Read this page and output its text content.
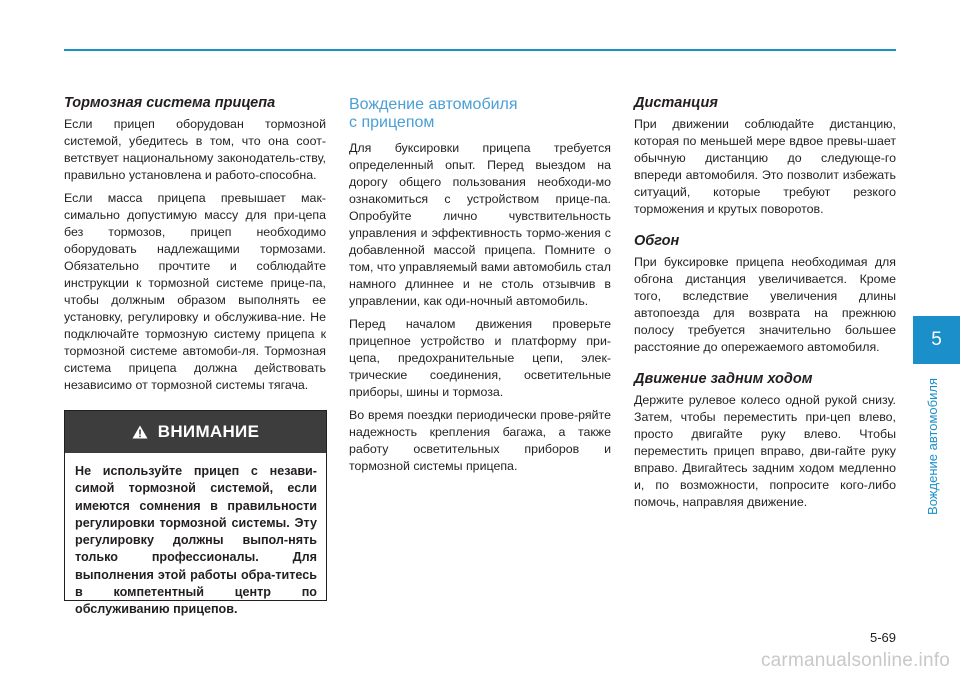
Тормозная система прицепа

Если прицеп оборудован тормозной системой, убедитесь в том, что она соот-ветствует национальному законодатель-ству, правильно установлена и работо-способна.

Если масса прицепа превышает мак-симально допустимую массу для при-цепа без тормозов, прицеп необходимо оборудовать надлежащими тормозами. Обязательно прочтите и соблюдайте инструкции к тормозной системе прице-па, чтобы должным образом выполнять ее установку, регулировку и обслужива-ние. Не подключайте тормозную систему прицепа к тормозной системе автомоби-ля. Тормозная система прицепа должна действовать независимо от тормозной системы тягача.

ВНИМАНИЕ
Не используйте прицеп с незави-симой тормозной системой, если имеются сомнения в правильности регулировки тормозной системы. Эту регулировку должны выпол-нять только профессионалы. Для выполнения этой работы обра-титесь в компетентный центр по обслуживанию прицепов.
Вождение автомобиля
с прицепом

Для буксировки прицепа требуется определенный опыт. Перед выездом на дорогу общего пользования необходи-мо ознакомиться с устройством прице-па. Опробуйте лично чувствительность управления и эффективность тормо-жения с добавленной массой прицепа. Помните о том, что управляемый вами автомобиль стал намного длиннее и не столь отзывчив в управлении, как оди-ночный автомобиль.

Перед началом движения проверьте прицепное устройство и платформу при-цепа, предохранительные цепи, элек-трические соединения, осветительные приборы, шины и тормоза.

Во время поездки периодически прове-ряйте надежность крепления багажа, а также работу осветительных приборов и тормозной системы прицепа.

Дистанция

При движении соблюдайте дистанцию, которая по меньшей мере вдвое превы-шает обычную дистанцию до следующе-го впереди автомобиля. Это позволит избежать ситуаций, которые требуют резкого торможения и крутых поворотов.

Обгон

При буксировке прицепа необходимая для обгона дистанция увеличивается. Кроме того, вследствие увеличения длины автопоезда для возврата на прежнюю полосу требуется значительно большее расстояние до опережаемого автомобиля.

Движение задним ходом

Держите рулевое колесо одной рукой снизу. Затем, чтобы переместить при-цеп влево, просто двигайте руку влево. Чтобы переместить прицеп вправо, дви-гайте руку вправо. Двигайтесь задним ходом медленно и, по возможности, попросите кого-либо помочь, направляя движение.

5
Вождение автомобиля
5-69
carmanualsonline.info
